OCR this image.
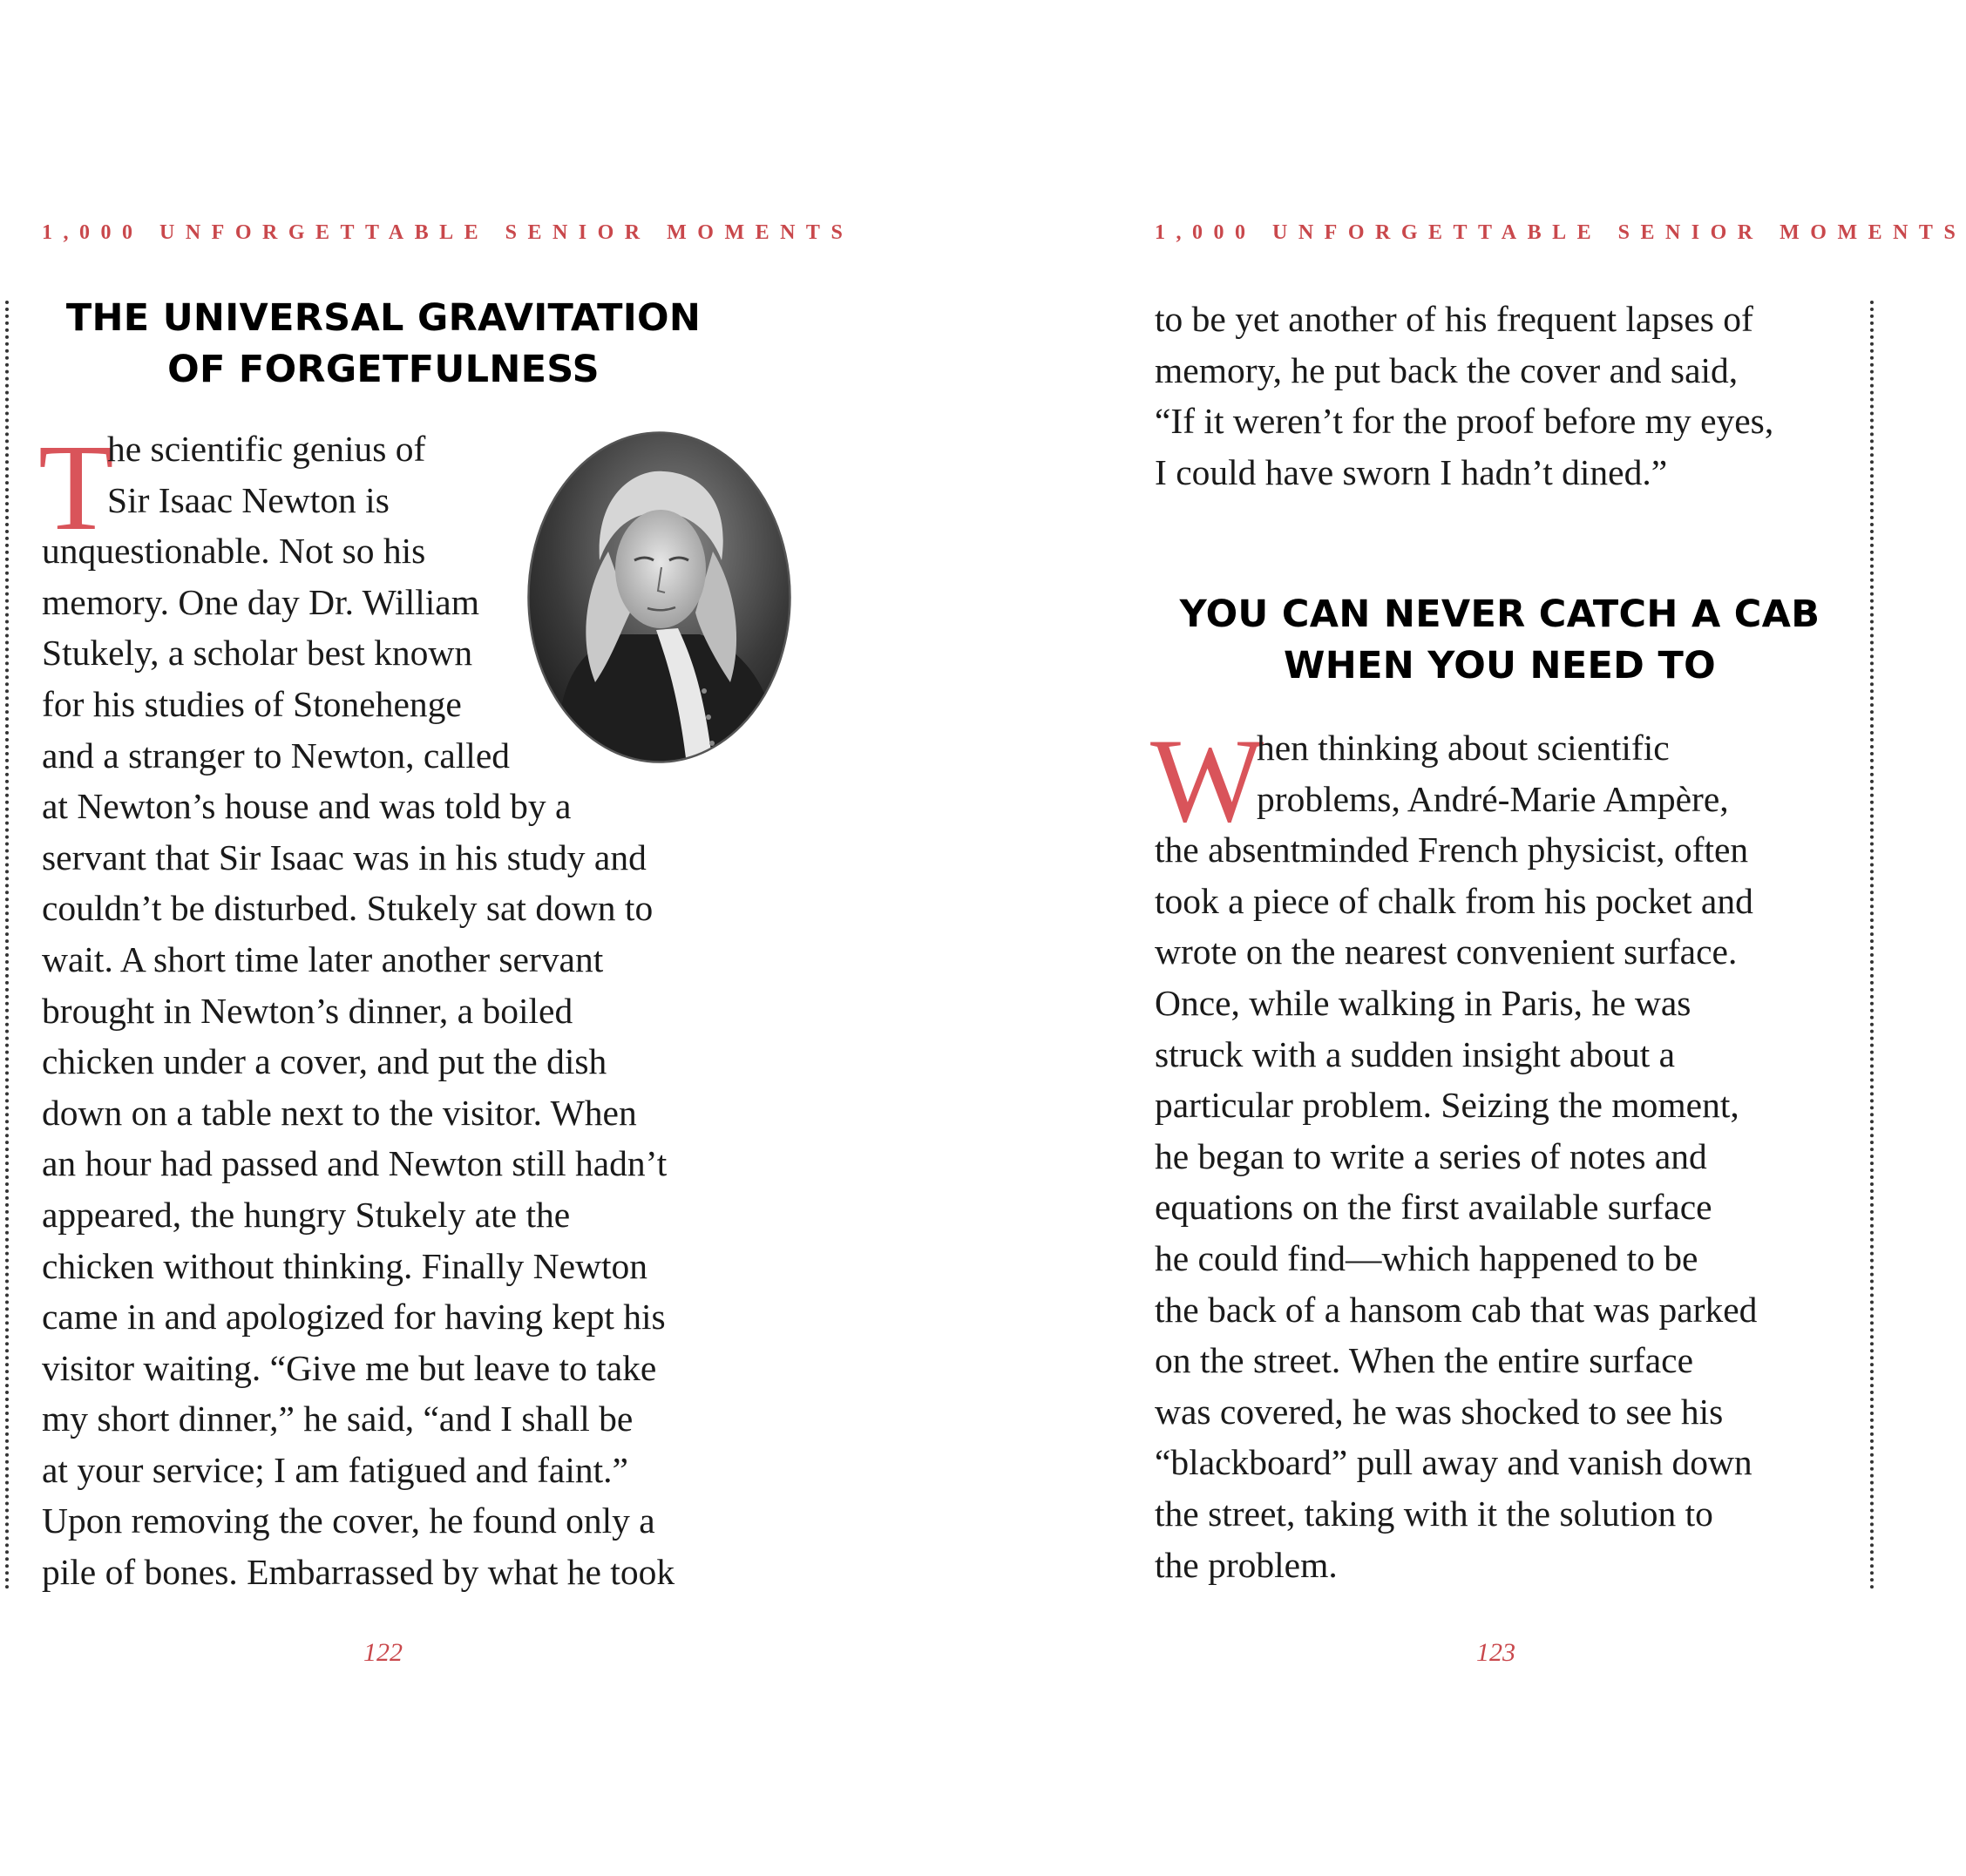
1,000 UNFORGETTABLE SENIOR MOMENTS
THE UNIVERSAL GRAVITATION
OF FORGETFULNESS
T
he scientific genius of
Sir Isaac Newton is
unquestionable. Not so his
memory. One day Dr. William
Stukely, a scholar best known
for his studies of Stonehenge
and a stranger to Newton, called
at Newton’s house and was told by a
servant that Sir Isaac was in his study and
couldn’t be disturbed. Stukely sat down to
wait. A short time later another servant
brought in Newton’s dinner, a boiled
chicken under a cover, and put the dish
down on a table next to the visitor. When
an hour had passed and Newton still hadn’t
appeared, the hungry Stukely ate the
chicken without thinking. Finally Newton
came in and apologized for having kept his
visitor waiting. “Give me but leave to take
my short dinner,” he said, “and I shall be
at your service; I am fatigued and faint.”
Upon removing the cover, he found only a
pile of bones. Embarrassed by what he took
122
1,000 UNFORGETTABLE SENIOR MOMENTS
to be yet another of his frequent lapses of
memory, he put back the cover and said,
“If it weren’t for the proof before my eyes,
I could have sworn I hadn’t dined.”
YOU CAN NEVER CATCH A CAB
WHEN YOU NEED TO
W
hen thinking about scientific
problems, André-Marie Ampère,
the absentminded French physicist, often
took a piece of chalk from his pocket and
wrote on the nearest convenient surface.
Once, while walking in Paris, he was
struck with a sudden insight about a
particular problem. Seizing the moment,
he began to write a series of notes and
equations on the first available surface
he could find—which happened to be
the back of a hansom cab that was parked
on the street. When the entire surface
was covered, he was shocked to see his
“blackboard” pull away and vanish down
the street, taking with it the solution to
the problem.
123
